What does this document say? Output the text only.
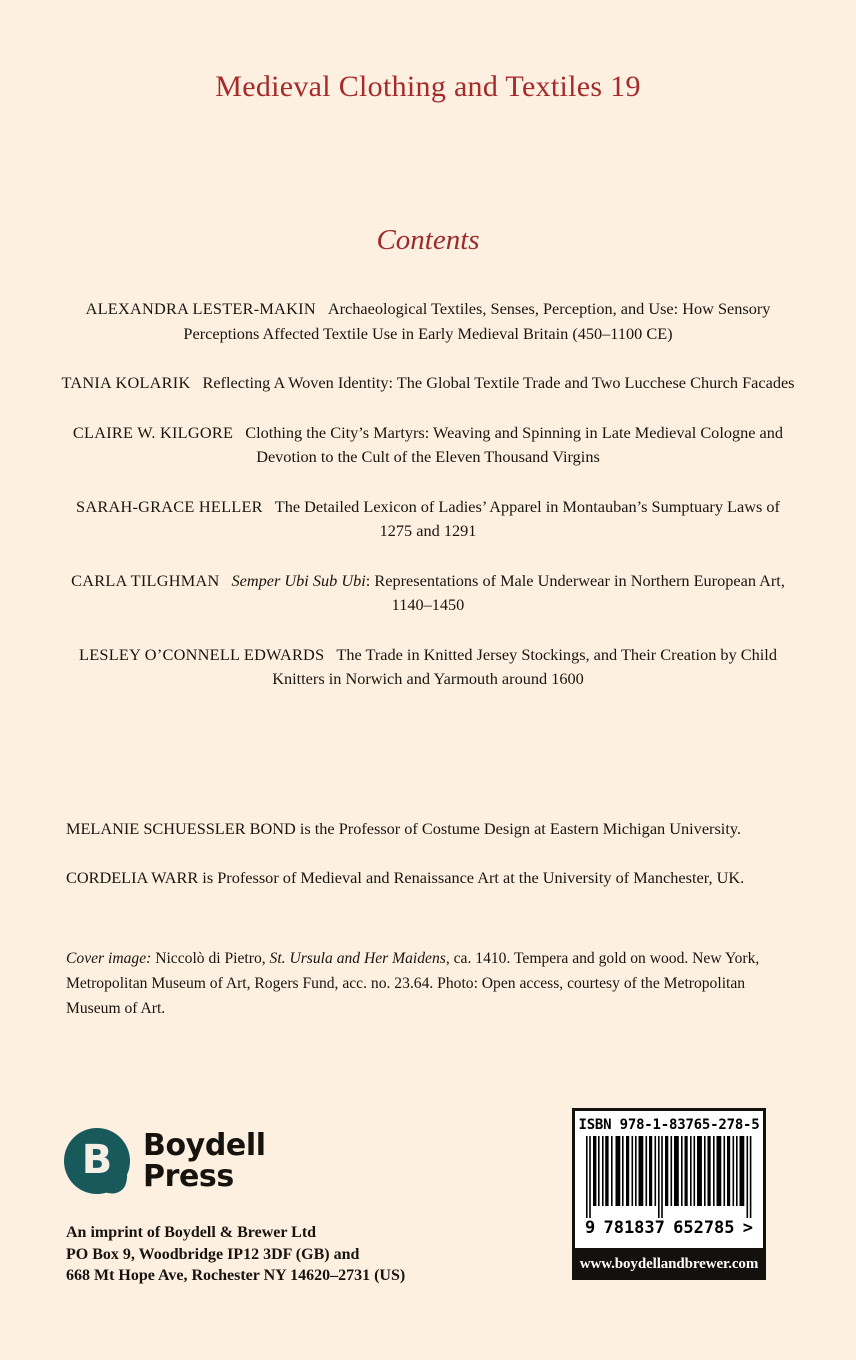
Medieval Clothing and Textiles 19
Contents

ALEXANDRA LESTER-MAKIN Archaeological Textiles, Senses, Perception, and Use: How Sensory Perceptions Affected Textile Use in Early Medieval Britain (450–1100 CE)

TANIA KOLARIK Reflecting A Woven Identity: The Global Textile Trade and Two Lucchese Church Facades

CLAIRE W. KILGORE Clothing the City’s Martyrs: Weaving and Spinning in Late Medieval Cologne and Devotion to the Cult of the Eleven Thousand Virgins

SARAH-GRACE HELLER The Detailed Lexicon of Ladies’ Apparel in Montauban’s Sumptuary Laws of 1275 and 1291

CARLA TILGHMAN Semper Ubi Sub Ubi: Representations of Male Underwear in Northern European Art, 1140–1450

LESLEY O’CONNELL EDWARDS The Trade in Knitted Jersey Stockings, and Their Creation by Child Knitters in Norwich and Yarmouth around 1600

MELANIE SCHUESSLER BOND is the Professor of Costume Design at Eastern Michigan University.

CORDELIA WARR is Professor of Medieval and Renaissance Art at the University of Manchester, UK.

Cover image: Niccolò di Pietro, St. Ursula and Her Maidens, ca. 1410. Tempera and gold on wood. New York, Metropolitan Museum of Art, Rogers Fund, acc. no. 23.64. Photo: Open access, courtesy of the Metropolitan Museum of Art.

B	Boydell
Press
An imprint of Boydell & Brewer Ltd
PO Box 9, Woodbridge IP12 3DF (GB) and
668 Mt Hope Ave, Rochester NY 14620–2731 (US)
ISBN 978-1-83765-278-5
9 781837 652785 >
www.boydellandbrewer.com
